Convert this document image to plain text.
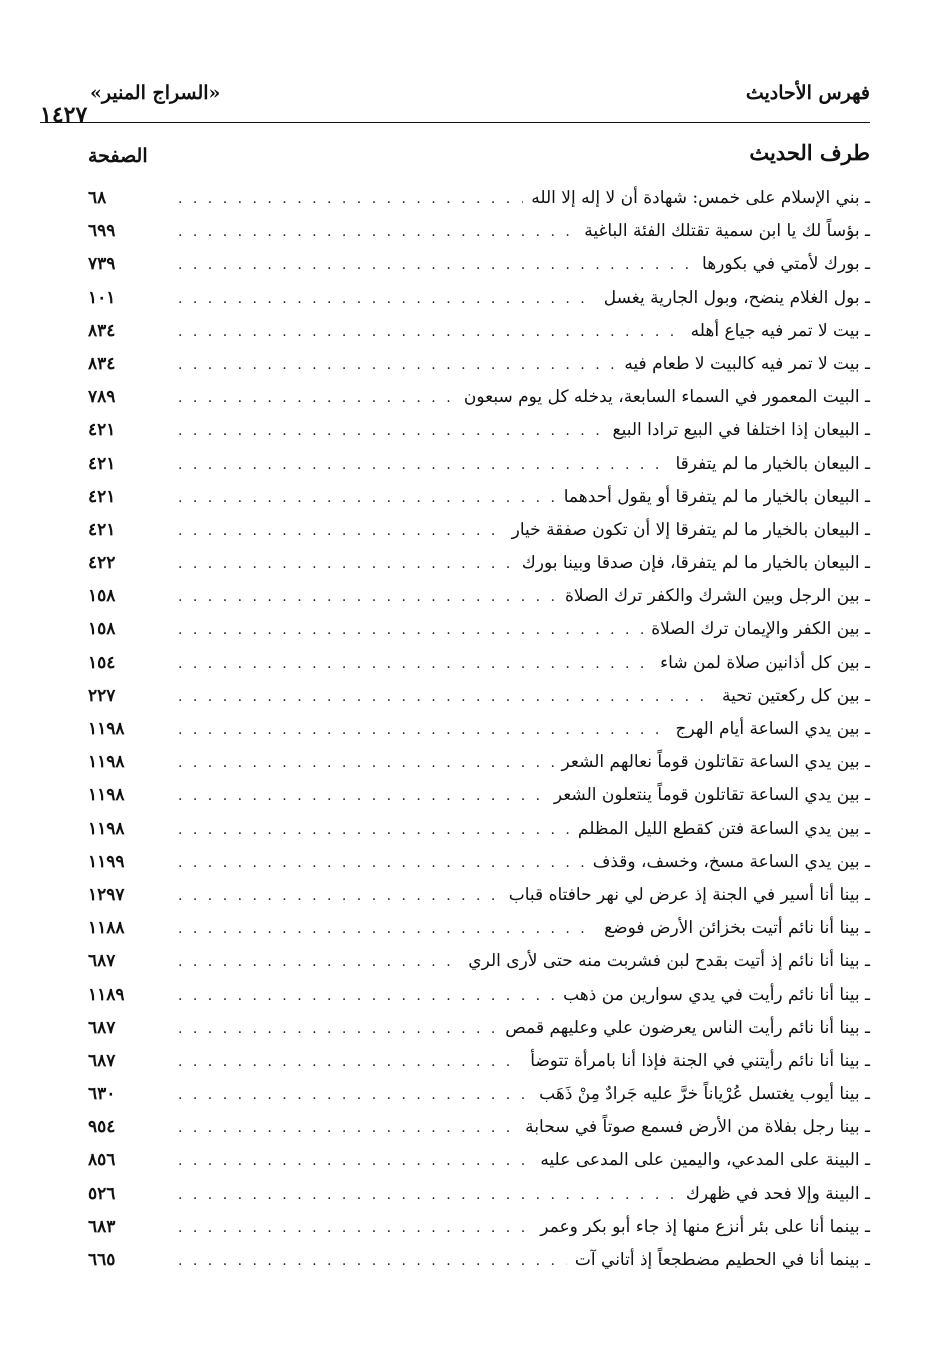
فهرس الأحاديث
«السراج المنير»
١٤٢٧
طرف الحديث
الصفحة
ـ بني الإسلام على خمس: شهادة أن لا إله إلا الله
. . .
٦٨
ـ بؤساً لك يا ابن سمية تقتلك الفئة الباغية
. . .
٦٩٩
ـ بورك لأمتي في بكورها
. . .
٧٣٩
ـ بول الغلام ينضح، وبول الجارية يغسل
. . .
١٠١
ـ بيت لا تمر فيه جياع أهله
. . .
٨٣٤
ـ بيت لا تمر فيه كالبيت لا طعام فيه
. . .
٨٣٤
ـ البيت المعمور في السماء السابعة، يدخله كل يوم سبعون
. . .
٧٨٩
ـ البيعان إذا اختلفا في البيع ترادا البيع
. . .
٤٢١
ـ البيعان بالخيار ما لم يتفرقا
. . .
٤٢١
ـ البيعان بالخيار ما لم يتفرقا أو يقول أحدهما
. . .
٤٢١
ـ البيعان بالخيار ما لم يتفرقا إلا أن تكون صفقة خيار
. . .
٤٢١
ـ البيعان بالخيار ما لم يتفرقا، فإن صدقا وبينا بورك
. . .
٤٢٢
ـ بين الرجل وبين الشرك والكفر ترك الصلاة
. . .
١٥٨
ـ بين الكفر والإيمان ترك الصلاة
. . .
١٥٨
ـ بين كل أذانين صلاة لمن شاء
. . .
١٥٤
ـ بين كل ركعتين تحية
. . .
٢٢٧
ـ بين يدي الساعة أيام الهرج
. . .
١١٩٨
ـ بين يدي الساعة تقاتلون قوماً نعالهم الشعر
. . .
١١٩٨
ـ بين يدي الساعة تقاتلون قوماً ينتعلون الشعر
. . .
١١٩٨
ـ بين يدي الساعة فتن كقطع الليل المظلم
. . .
١١٩٨
ـ بين يدي الساعة مسخ، وخسف، وقذف
. . .
١١٩٩
ـ بينا أنا أسير في الجنة إذ عرض لي نهر حافتاه قباب
. . .
١٢٩٧
ـ بينا أنا نائم أتيت بخزائن الأرض فوضع
. . .
١١٨٨
ـ بينا أنا نائم إذ أتيت بقدح لبن فشربت منه حتى لأرى الري
. . .
٦٨٧
ـ بينا أنا نائم رأيت في يدي سوارين من ذهب
. . .
١١٨٩
ـ بينا أنا نائم رأيت الناس يعرضون علي وعليهم قمص
. . .
٦٨٧
ـ بينا أنا نائم رأيتني في الجنة فإذا أنا بامرأة تتوضأ
. . .
٦٨٧
ـ بينا أيوب يغتسل عُرْياناً خرَّ عليه جَرادٌ مِنْ ذَهَب
. . .
٦٣٠
ـ بينا رجل بفلاة من الأرض فسمع صوتاً في سحابة
. . .
٩٥٤
ـ البينة على المدعي، واليمين على المدعى عليه
. . .
٨٥٦
ـ البينة وإلا فحد في ظهرك
. . .
٥٢٦
ـ بينما أنا على بئر أنزع منها إذ جاء أبو بكر وعمر
. . .
٦٨٣
ـ بينما أنا في الحطيم مضطجعاً إذ أتاني آت
. . .
٦٦٥
